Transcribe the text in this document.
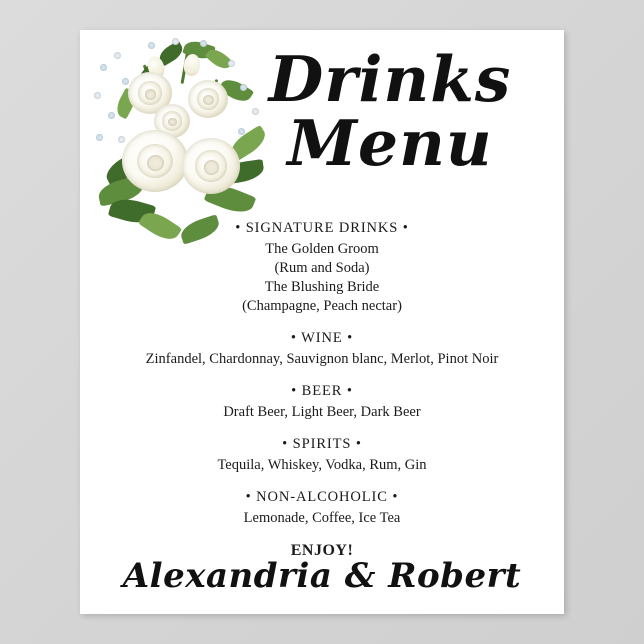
Drinks
Menu
• SIGNATURE DRINKS •
The Golden Groom
(Rum and Soda)
The Blushing Bride
(Champagne, Peach nectar)
• WINE •
Zinfandel, Chardonnay, Sauvignon blanc, Merlot, Pinot Noir
• BEER •
Draft Beer, Light Beer, Dark Beer
• SPIRITS •
Tequila, Whiskey, Vodka, Rum, Gin
• NON-ALCOHOLIC •
Lemonade, Coffee, Ice Tea
ENJOY!
Alexandria & Robert
